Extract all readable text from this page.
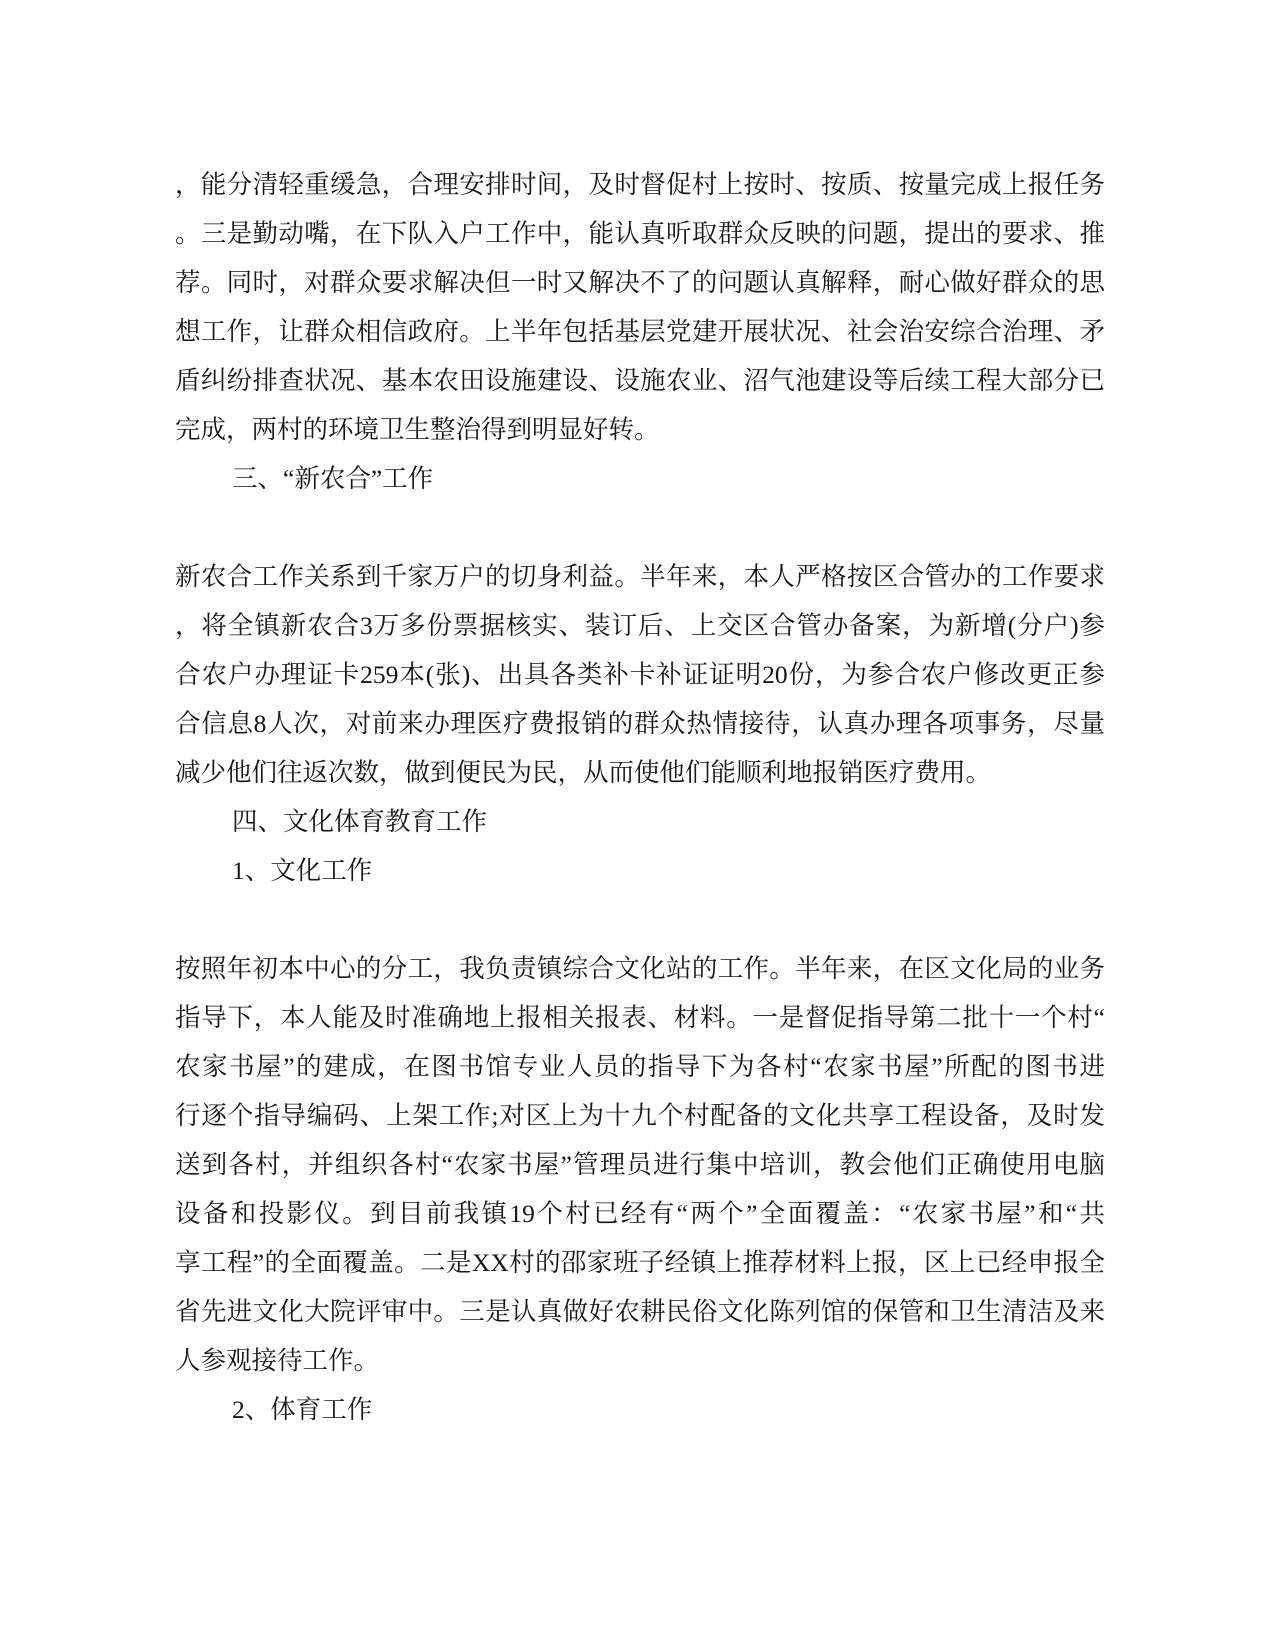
，能分清轻重缓急，合理安排时间，及时督促村上按时、按质、按量完成上报任务
。三是勤动嘴，在下队入户工作中，能认真听取群众反映的问题，提出的要求、推
荐。同时，对群众要求解决但一时又解决不了的问题认真解释，耐心做好群众的思
想工作，让群众相信政府。上半年包括基层党建开展状况、社会治安综合治理、矛
盾纠纷排查状况、基本农田设施建设、设施农业、沼气池建设等后续工程大部分已
完成，两村的环境卫生整治得到明显好转。
三、“新农合”工作
新农合工作关系到千家万户的切身利益。半年来，本人严格按区合管办的工作要求
，将全镇新农合3万多份票据核实、装订后、上交区合管办备案，为新增(分户)参
合农户办理证卡259本(张)、出具各类补卡补证证明20份，为参合农户修改更正参
合信息8人次，对前来办理医疗费报销的群众热情接待，认真办理各项事务，尽量
减少他们往返次数，做到便民为民，从而使他们能顺利地报销医疗费用。
四、文化体育教育工作
1、文化工作
按照年初本中心的分工，我负责镇综合文化站的工作。半年来，在区文化局的业务
指导下，本人能及时准确地上报相关报表、材料。一是督促指导第二批十一个村“
农家书屋”的建成，在图书馆专业人员的指导下为各村“农家书屋”所配的图书进
行逐个指导编码、上架工作;对区上为十九个村配备的文化共享工程设备，及时发
送到各村，并组织各村“农家书屋”管理员进行集中培训，教会他们正确使用电脑
设备和投影仪。到目前我镇19个村已经有“两个”全面覆盖：“农家书屋”和“共
享工程”的全面覆盖。二是XX村的邵家班子经镇上推荐材料上报，区上已经申报全
省先进文化大院评审中。三是认真做好农耕民俗文化陈列馆的保管和卫生清洁及来
人参观接待工作。
2、体育工作
